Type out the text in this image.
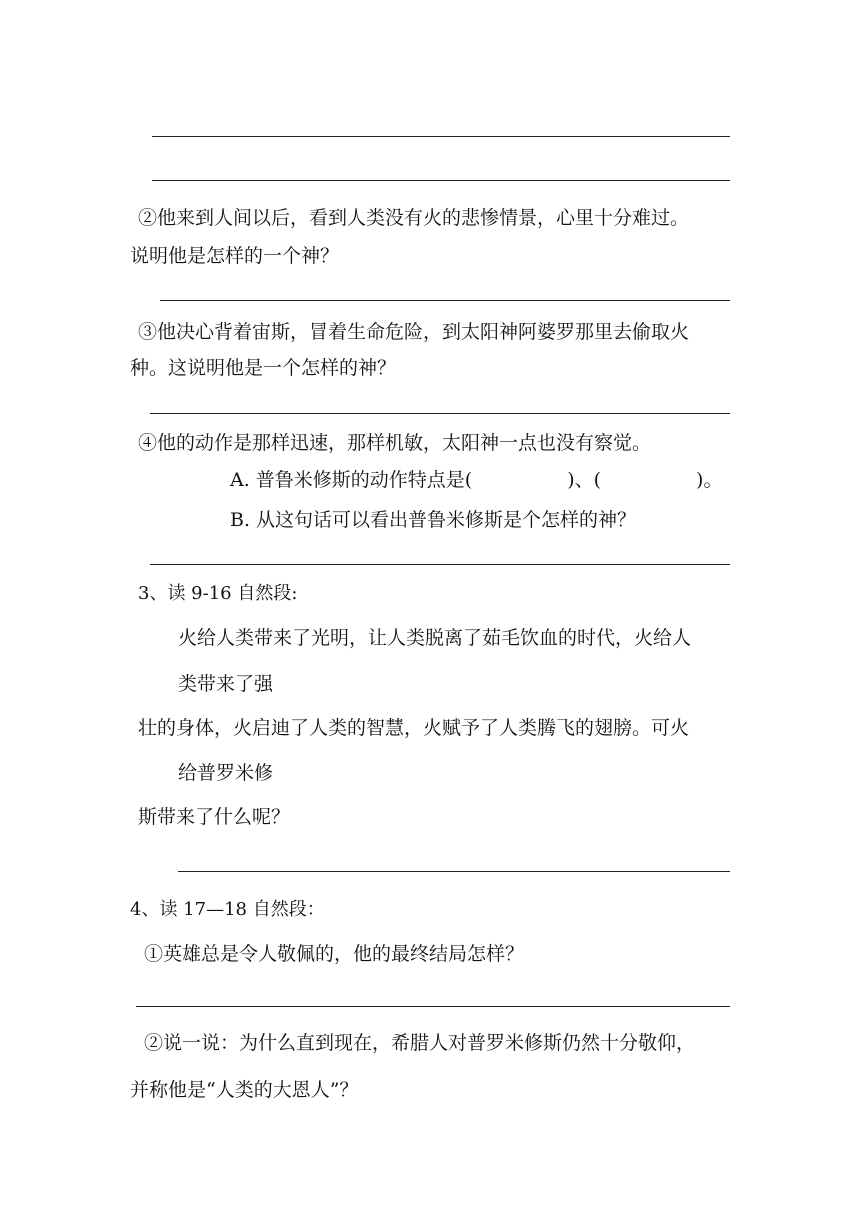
②他来到人间以后，看到人类没有火的悲惨情景，心里十分难过。
说明他是怎样的一个神？
③他决心背着宙斯，冒着生命危险，到太阳神阿婆罗那里去偷取火
种。这说明他是一个怎样的神？
④他的动作是那样迅速，那样机敏，太阳神一点也没有察觉。
A. 普鲁米修斯的动作特点是(　　　　　)、(　　　　　)。
B. 从这句话可以看出普鲁米修斯是个怎样的神？
3、读 9-16 自然段:
火给人类带来了光明，让人类脱离了茹毛饮血的时代，火给人
类带来了强
壮的身体，火启迪了人类的智慧，火赋予了人类腾飞的翅膀。可火
给普罗米修
斯带来了什么呢？
4、读 17—18 自然段：
①英雄总是令人敬佩的，他的最终结局怎样？
②说一说：为什么直到现在，希腊人对普罗米修斯仍然十分敬仰，
并称他是“人类的大恩人”？
